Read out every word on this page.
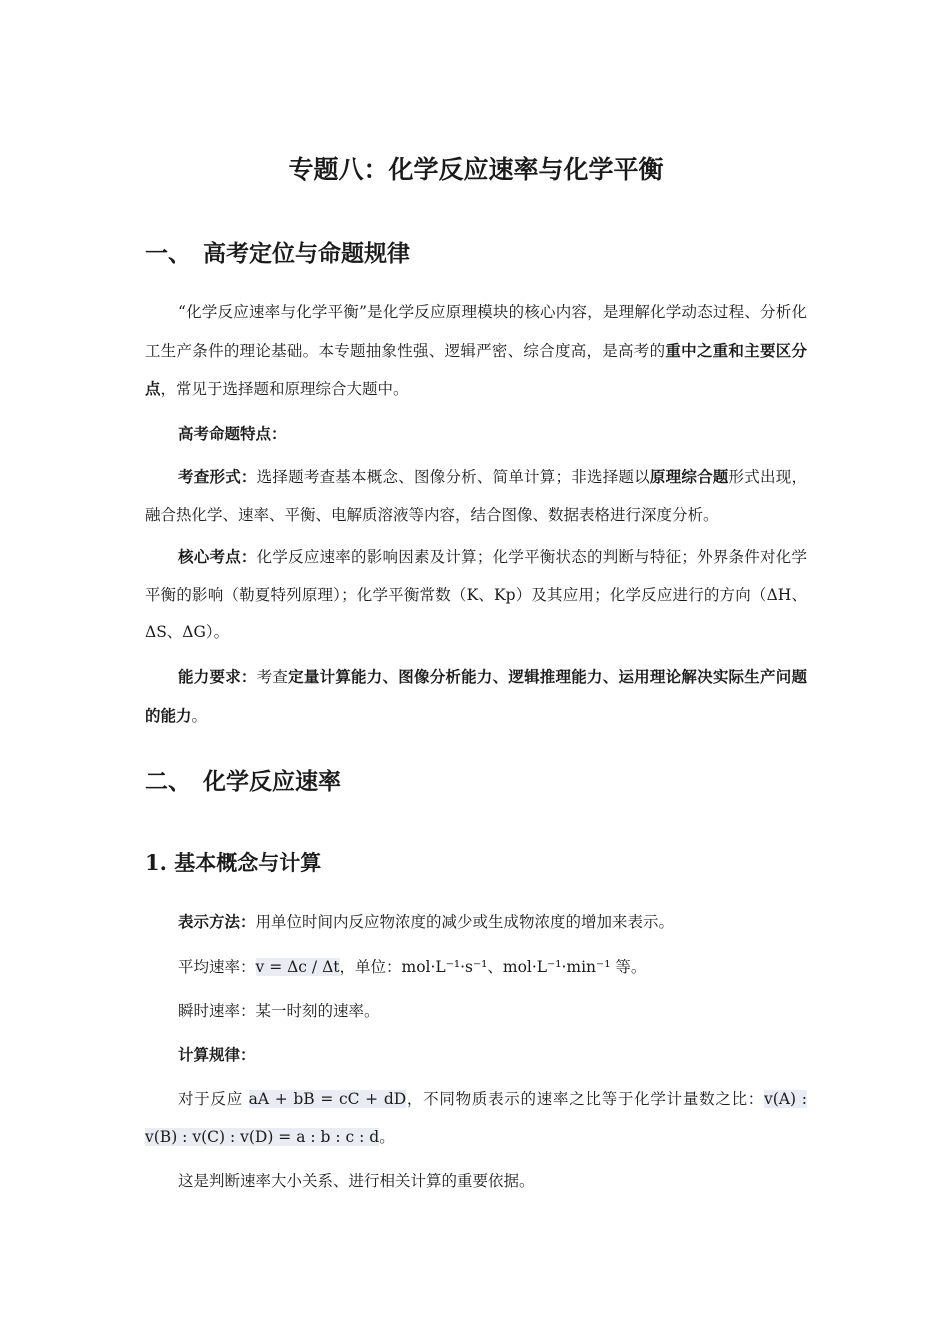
专题八：化学反应速率与化学平衡
一、 高考定位与命题规律
“化学反应速率与化学平衡”是化学反应原理模块的核心内容，是理解化学动态过程、分析化工生产条件的理论基础。本专题抽象性强、逻辑严密、综合度高，是高考的重中之重和主要区分点，常见于选择题和原理综合大题中。
高考命题特点：
考查形式：选择题考查基本概念、图像分析、简单计算；非选择题以原理综合题形式出现，融合热化学、速率、平衡、电解质溶液等内容，结合图像、数据表格进行深度分析。
核心考点：化学反应速率的影响因素及计算；化学平衡状态的判断与特征；外界条件对化学平衡的影响（勒夏特列原理）；化学平衡常数（K、Kp）及其应用；化学反应进行的方向（ΔH、ΔS、ΔG）。
能力要求：考查定量计算能力、图像分析能力、逻辑推理能力、运用理论解决实际生产问题的能力。
二、 化学反应速率
1. 基本概念与计算
表示方法：用单位时间内反应物浓度的减少或生成物浓度的增加来表示。
平均速率：v = Δc / Δt，单位：mol·L⁻¹·s⁻¹、mol·L⁻¹·min⁻¹ 等。
瞬时速率：某一时刻的速率。
计算规律：
对于反应 aA + bB = cC + dD，不同物质表示的速率之比等于化学计量数之比：v(A) : v(B) : v(C) : v(D) = a : b : c : d。
这是判断速率大小关系、进行相关计算的重要依据。
